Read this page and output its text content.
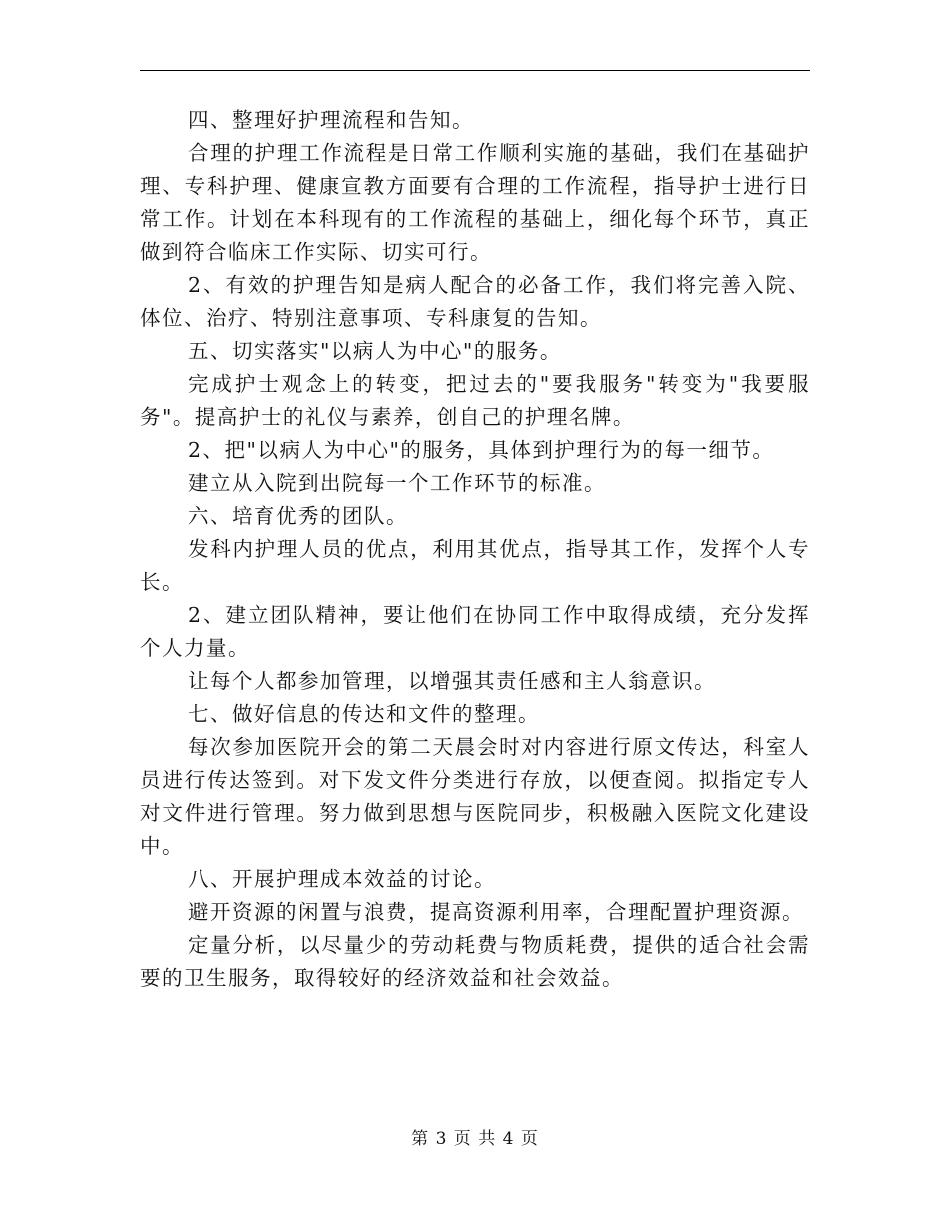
四、整理好护理流程和告知。

合理的护理工作流程是日常工作顺利实施的基础，我们在基础护理、专科护理、健康宣教方面要有合理的工作流程，指导护士进行日常工作。计划在本科现有的工作流程的基础上，细化每个环节，真正做到符合临床工作实际、切实可行。

2、有效的护理告知是病人配合的必备工作，我们将完善入院、体位、治疗、特别注意事项、专科康复的告知。

五、切实落实"以病人为中心"的服务。

完成护士观念上的转变，把过去的"要我服务"转变为"我要服务"。提高护士的礼仪与素养，创自己的护理名牌。

2、把"以病人为中心"的服务，具体到护理行为的每一细节。

建立从入院到出院每一个工作环节的标准。

六、培育优秀的团队。

发科内护理人员的优点，利用其优点，指导其工作，发挥个人专长。

2、建立团队精神，要让他们在协同工作中取得成绩，充分发挥个人力量。

让每个人都参加管理，以增强其责任感和主人翁意识。

七、做好信息的传达和文件的整理。

每次参加医院开会的第二天晨会时对内容进行原文传达，科室人员进行传达签到。对下发文件分类进行存放，以便查阅。拟指定专人对文件进行管理。努力做到思想与医院同步，积极融入医院文化建设中。

八、开展护理成本效益的讨论。

避开资源的闲置与浪费，提高资源利用率，合理配置护理资源。

定量分析，以尽量少的劳动耗费与物质耗费，提供的适合社会需要的卫生服务，取得较好的经济效益和社会效益。

第 3 页 共 4 页
